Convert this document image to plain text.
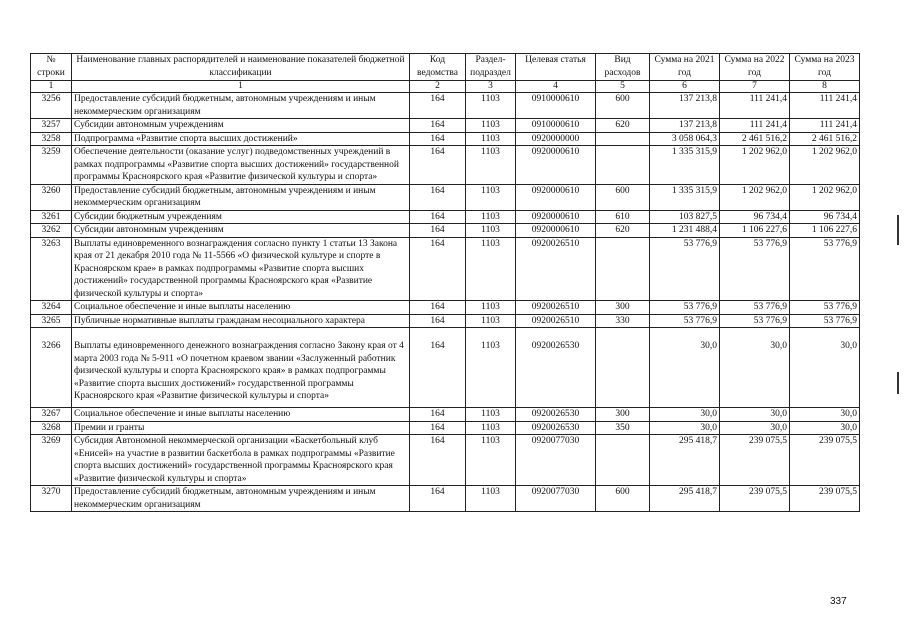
№ строки	Наименование главных распорядителей и наименование показателей бюджетной классификации	Код ведомства	Раздел- подраздел	Целевая статья	Вид расходов	Сумма на 2021 год	Сумма на 2022 год	Сумма на 2023 год
1	1	2	3	4	5	6	7	8
3256	Предоставление субсидий бюджетным, автономным учреждениям и иным некоммерческим организациям	164	1103	0910000610	600	137 213,8	111 241,4	111 241,4
3257	Субсидии автономным учреждениям	164	1103	0910000610	620	137 213,8	111 241,4	111 241,4
3258	Подпрограмма «Развитие спорта высших достижений»	164	1103	0920000000		3 058 064,3	2 461 516,2	2 461 516,2
3259	Обеспечение деятельности (оказание услуг) подведомственных учреждений в рамках подпрограммы «Развитие спорта высших достижений» государственной программы Красноярского края «Развитие физической культуры и спорта»	164	1103	0920000610		1 335 315,9	1 202 962,0	1 202 962,0
3260	Предоставление субсидий бюджетным, автономным учреждениям и иным некоммерческим организациям	164	1103	0920000610	600	1 335 315,9	1 202 962,0	1 202 962,0
3261	Субсидии бюджетным учреждениям	164	1103	0920000610	610	103 827,5	96 734,4	96 734,4
3262	Субсидии автономным учреждениям	164	1103	0920000610	620	1 231 488,4	1 106 227,6	1 106 227,6
3263	Выплаты единовременного вознаграждения согласно пункту 1 статьи 13 Закона края от 21 декабря 2010 года № 11-5566 «О физической культуре и спорте в Красноярском крае» в рамках подпрограммы «Развитие спорта высших достижений» государственной программы Красноярского края «Развитие физической культуры и спорта»	164	1103	0920026510		53 776,9	53 776,9	53 776,9
3264	Социальное обеспечение и иные выплаты населению	164	1103	0920026510	300	53 776,9	53 776,9	53 776,9
3265	Публичные нормативные выплаты гражданам несоциального характера	164	1103	0920026510	330	53 776,9	53 776,9	53 776,9
3266	Выплаты единовременного денежного вознаграждения согласно Закону края от 4 марта 2003 года № 5-911 «О почетном краевом звании «Заслуженный работник физической культуры и спорта Красноярского края» в рамках подпрограммы «Развитие спорта высших достижений» государственной программы Красноярского края «Развитие физической культуры и спорта»	164	1103	0920026530		30,0	30,0	30,0
3267	Социальное обеспечение и иные выплаты населению	164	1103	0920026530	300	30,0	30,0	30,0
3268	Премии и гранты	164	1103	0920026530	350	30,0	30,0	30,0
3269	Субсидия Автономной некоммерческой организации «Баскетбольный клуб «Енисей» на участие в развитии баскетбола в рамках подпрограммы «Развитие спорта высших достижений» государственной программы Красноярского края «Развитие физической культуры и спорта»	164	1103	0920077030		295 418,7	239 075,5	239 075,5
3270	Предоставление субсидий бюджетным, автономным учреждениям и иным некоммерческим организациям	164	1103	0920077030	600	295 418,7	239 075,5	239 075,5
337
